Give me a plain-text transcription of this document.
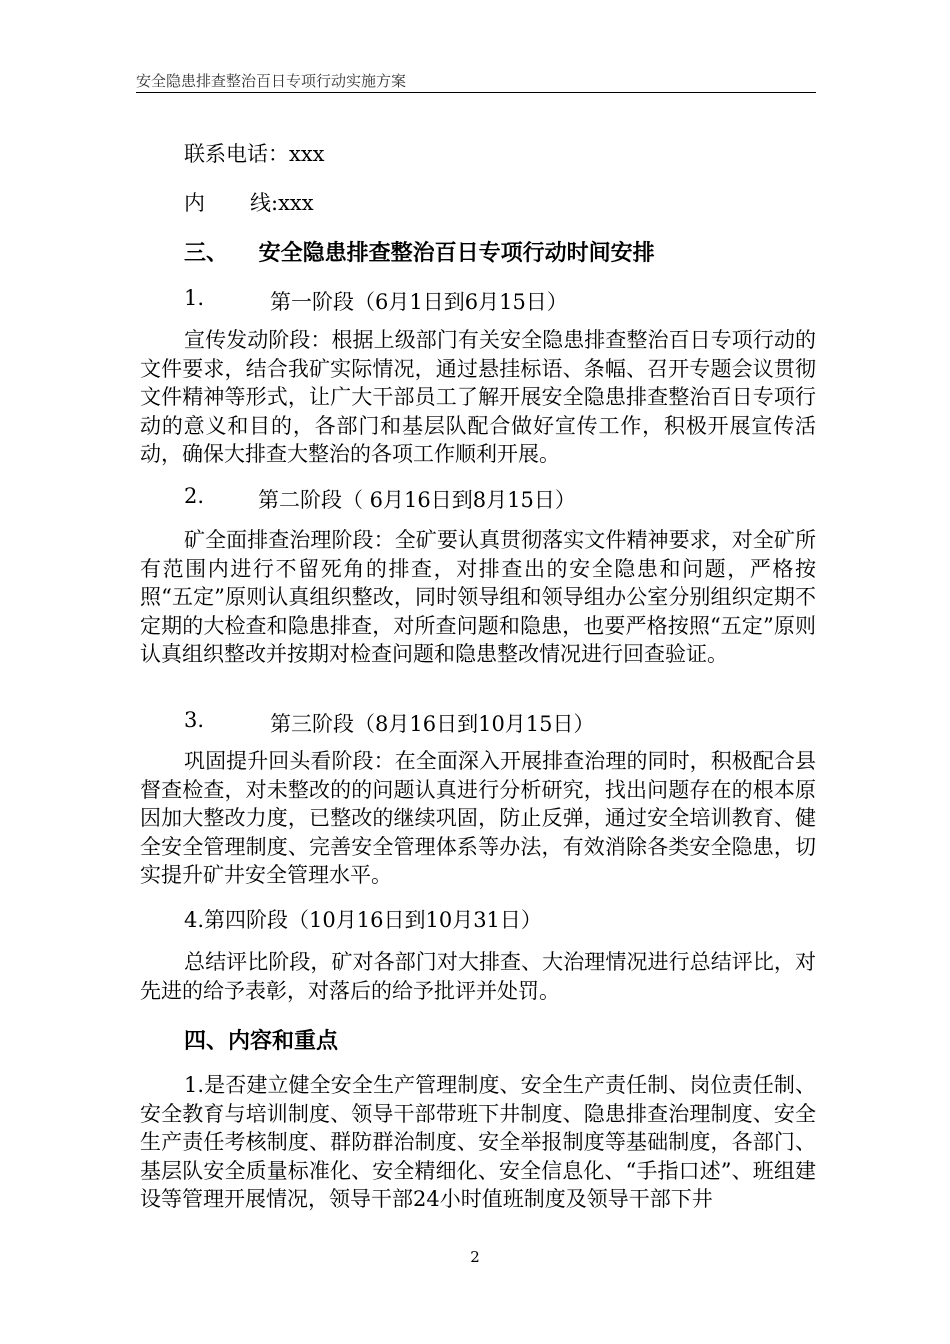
安全隐患排查整治百日专项行动实施方案
联系电话：xxx
内 线:xxx
三、    安全隐患排查整治百日专项行动时间安排
1.	第一阶段（6月1日到6月15日）
宣传发动阶段：根据上级部门有关安全隐患排查整治百日专项行动的文件要求，结合我矿实际情况，通过悬挂标语、条幅、召开专题会议贯彻文件精神等形式，让广大干部员工了解开展安全隐患排查整治百日专项行动的意义和目的，各部门和基层队配合做好宣传工作，积极开展宣传活动，确保大排查大整治的各项工作顺利开展。
2.	第二阶段（ 6月16日到8月15日）
矿全面排查治理阶段：全矿要认真贯彻落实文件精神要求，对全矿所有范围内进行不留死角的排查，对排查出的安全隐患和问题，严格按照“五定”原则认真组织整改，同时领导组和领导组办公室分别组织定期不定期的大检查和隐患排查，对所查问题和隐患，也要严格按照“五定”原则认真组织整改并按期对检查问题和隐患整改情况进行回查验证。
3.	第三阶段（8月16日到10月15日）
巩固提升回头看阶段：在全面深入开展排查治理的同时，积极配合县督查检查，对未整改的的问题认真进行分析研究，找出问题存在的根本原因加大整改力度，已整改的继续巩固，防止反弹，通过安全培训教育、健全安全管理制度、完善安全管理体系等办法，有效消除各类安全隐患，切实提升矿井安全管理水平。
4.第四阶段（10月16日到10月31日）
总结评比阶段，矿对各部门对大排查、大治理情况进行总结评比，对先进的给予表彰，对落后的给予批评并处罚。
四、内容和重点
1.是否建立健全安全生产管理制度、安全生产责任制、岗位责任制、安全教育与培训制度、领导干部带班下井制度、隐患排查治理制度、安全生产责任考核制度、群防群治制度、安全举报制度等基础制度，各部门、基层队安全质量标准化、安全精细化、安全信息化、“手指口述”、班组建设等管理开展情况，领导干部24小时值班制度及领导干部下井
2
